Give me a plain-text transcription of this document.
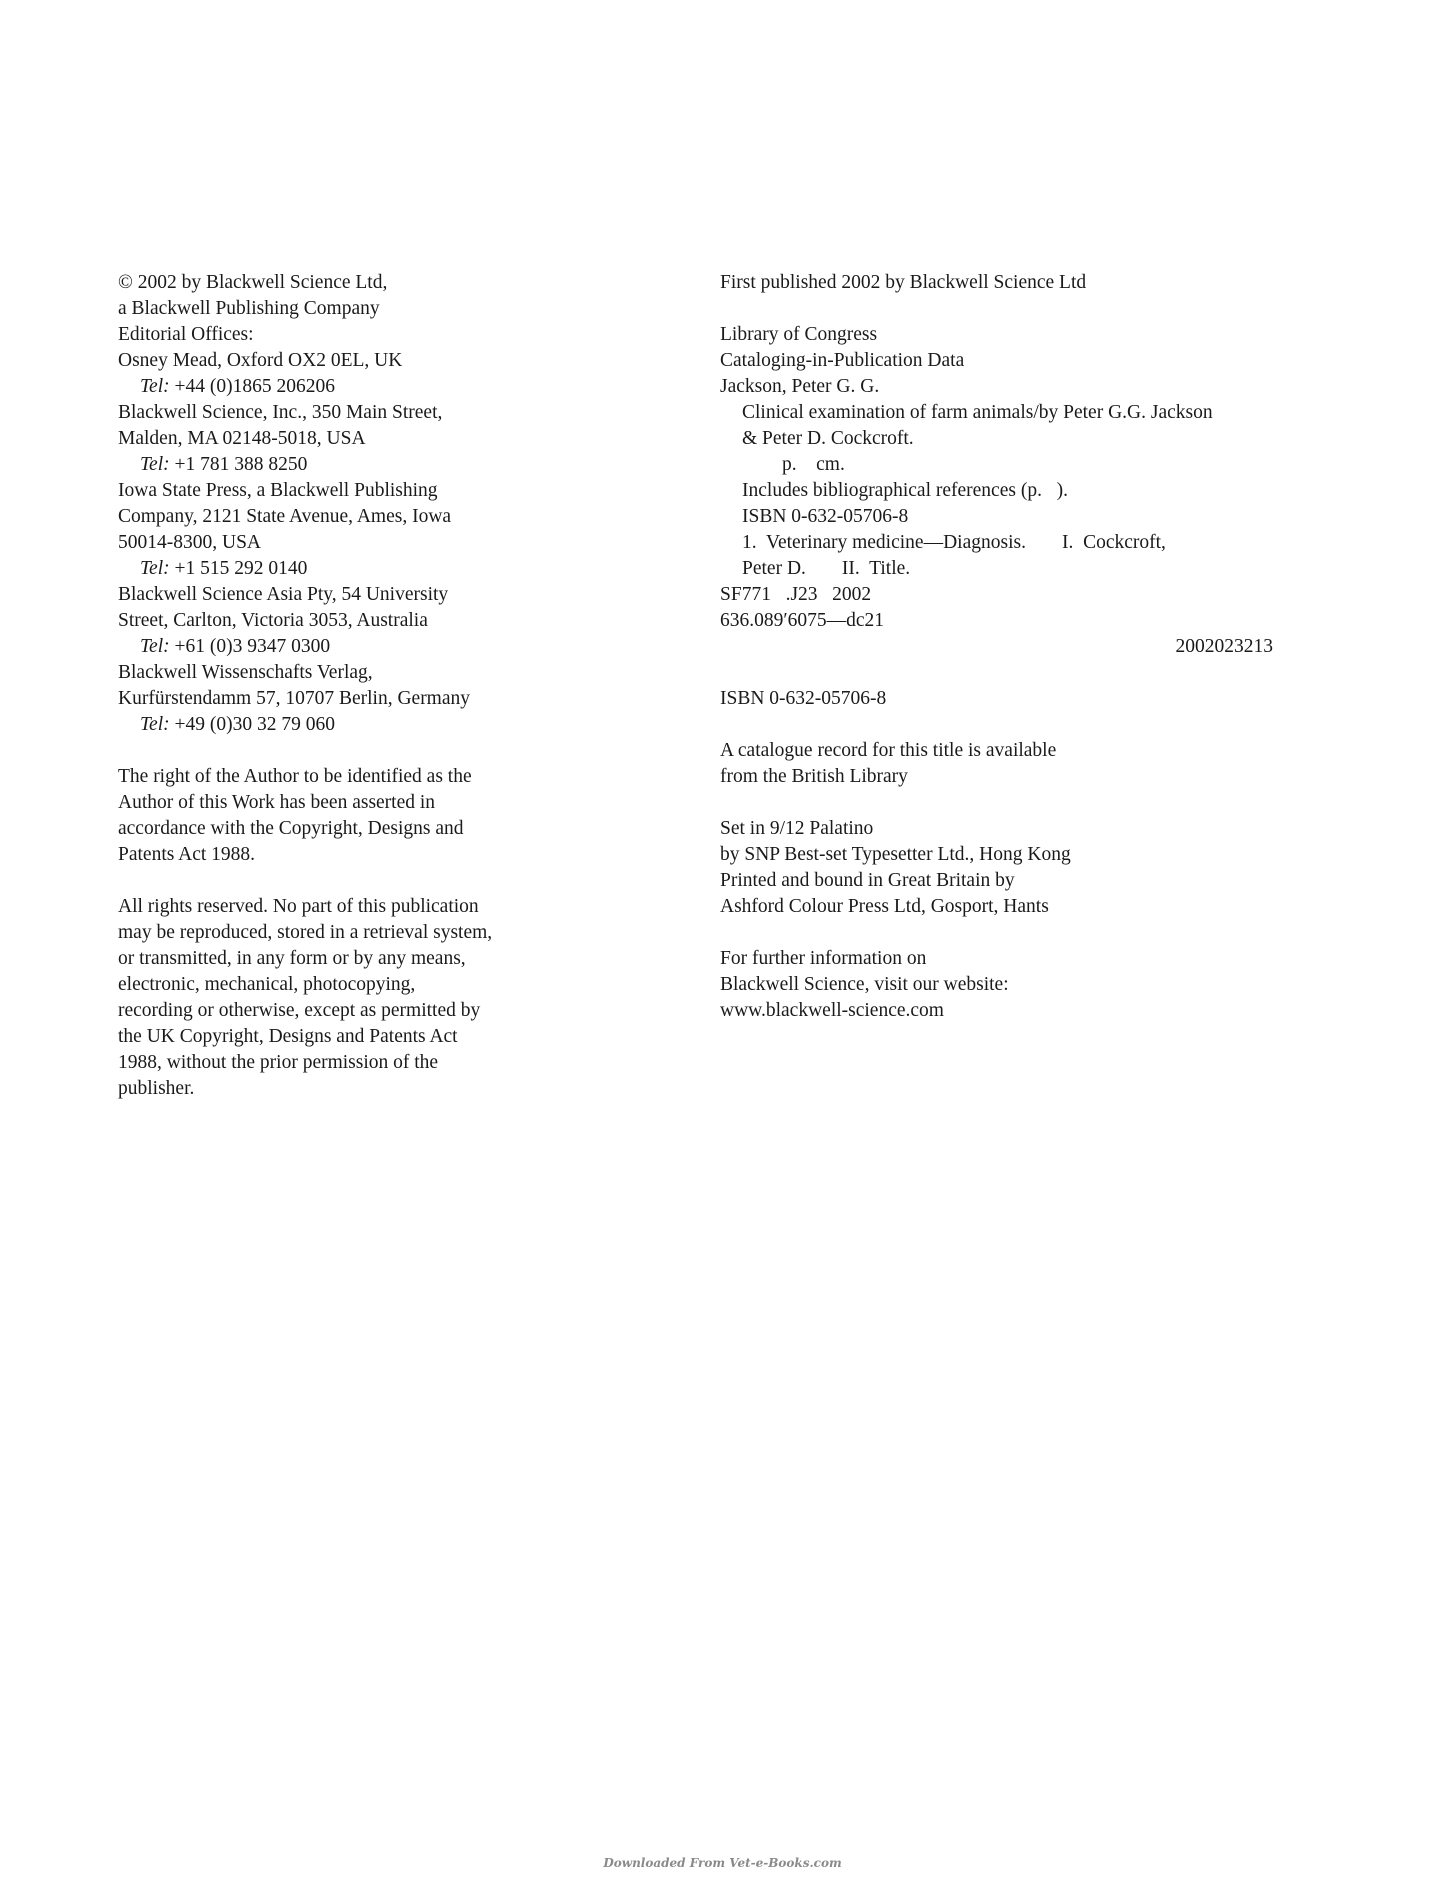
© 2002 by Blackwell Science Ltd,
a Blackwell Publishing Company
Editorial Offices:
Osney Mead, Oxford OX2 0EL, UK
Tel: +44 (0)1865 206206
Blackwell Science, Inc., 350 Main Street,
Malden, MA 02148-5018, USA
Tel: +1 781 388 8250
Iowa State Press, a Blackwell Publishing
Company, 2121 State Avenue, Ames, Iowa
50014-8300, USA
Tel: +1 515 292 0140
Blackwell Science Asia Pty, 54 University
Street, Carlton, Victoria 3053, Australia
Tel: +61 (0)3 9347 0300
Blackwell Wissenschafts Verlag,
Kurfürstendamm 57, 10707 Berlin, Germany
Tel: +49 (0)30 32 79 060
The right of the Author to be identified as the
Author of this Work has been asserted in
accordance with the Copyright, Designs and
Patents Act 1988.
All rights reserved. No part of this publication
may be reproduced, stored in a retrieval system,
or transmitted, in any form or by any means,
electronic, mechanical, photocopying,
recording or otherwise, except as permitted by
the UK Copyright, Designs and Patents Act
1988, without the prior permission of the
publisher.
First published 2002 by Blackwell Science Ltd
Library of Congress
Cataloging-in-Publication Data
Jackson, Peter G. G.
Clinical examination of farm animals/by Peter G.G. Jackson
& Peter D. Cockcroft.
p.    cm.
Includes bibliographical references (p.   ).
ISBN 0-632-05706-8
1.  Veterinary medicine—Diagnosis. I.  Cockcroft,
Peter D. II.  Title.
SF771   .J23   2002
636.089′6075—dc21
2002023213
ISBN 0-632-05706-8
A catalogue record for this title is available
from the British Library
Set in 9/12 Palatino
by SNP Best-set Typesetter Ltd., Hong Kong
Printed and bound in Great Britain by
Ashford Colour Press Ltd, Gosport, Hants
For further information on
Blackwell Science, visit our website:
www.blackwell-science.com
Downloaded From Vet-e-Books.com
